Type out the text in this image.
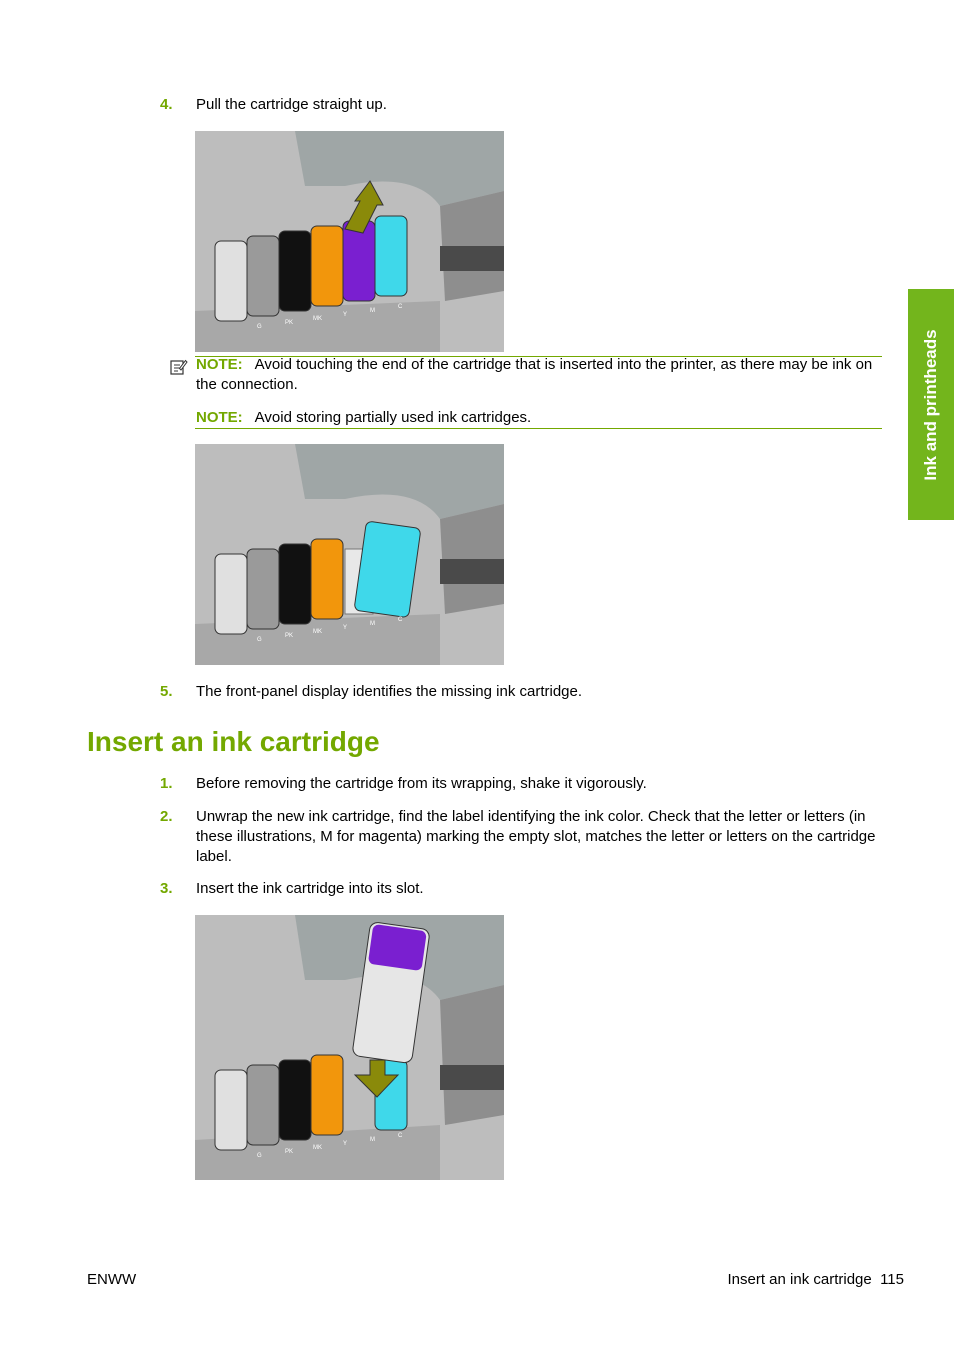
Ink and printheads
4. Pull the cartridge straight up.
G
PK
MK
Y
M
C
NOTE: Avoid touching the end of the cartridge that is inserted into the printer, as there may be ink on the connection.
NOTE: Avoid storing partially used ink cartridges.
G
PK
MK
Y
M
C
5. The front-panel display identifies the missing ink cartridge.
Insert an ink cartridge
1. Before removing the cartridge from its wrapping, shake it vigorously.
2. Unwrap the new ink cartridge, find the label identifying the ink color. Check that the letter or letters (in these illustrations, M for magenta) marking the empty slot, matches the letter or letters on the cartridge label.
3. Insert the ink cartridge into its slot.
G
PK
MK
Y
M
C
ENWW	Insert an ink cartridge 115
